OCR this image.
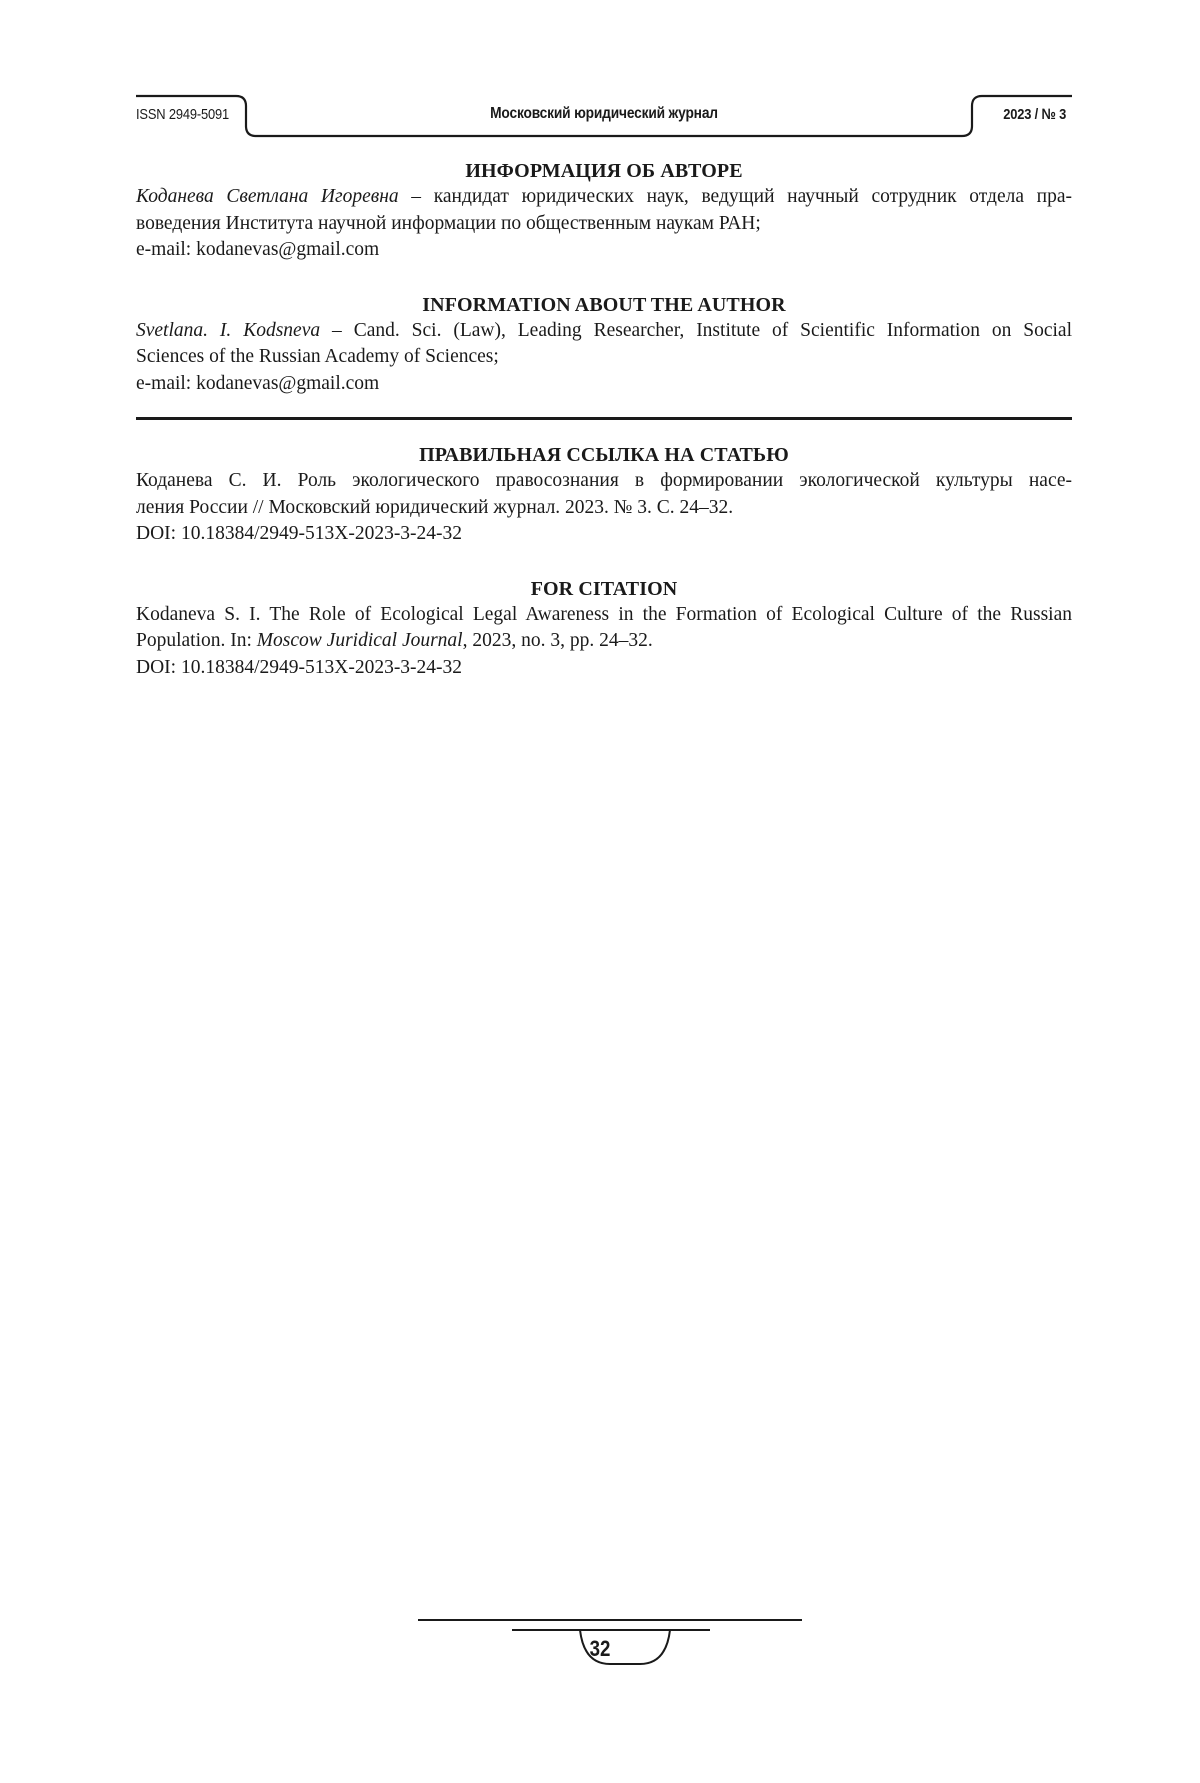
ISSN 2949-5091	Московский юридический журнал	2023 / № 3
ИНФОРМАЦИЯ ОБ АВТОРЕ
Коданева Светлана Игоревна – кандидат юридических наук, ведущий научный сотрудник отдела пра-
воведения Института научной информации по общественным наукам РАН;
e-mail: kodanevas@gmail.com
INFORMATION ABOUT THE AUTHOR
Svetlana. I. Kodsneva – Cand. Sci. (Law), Leading Researcher, Institute of Scientific Information on Social
Sciences of the Russian Academy of Sciences;
e-mail: kodanevas@gmail.com
ПРАВИЛЬНАЯ ССЫЛКА НА СТАТЬЮ
Коданева С. И. Роль экологического правосознания в формировании экологической культуры насе-
ления России // Московский юридический журнал. 2023. № 3. С. 24–32.
DOI: 10.18384/2949-513X-2023-3-24-32
FOR CITATION
Kodaneva S. I. The Role of Ecological Legal Awareness in the Formation of Ecological Culture of the Russian
Population. In: Moscow Juridical Journal, 2023, no. 3, pp. 24–32.
DOI: 10.18384/2949-513X-2023-3-24-32
32
